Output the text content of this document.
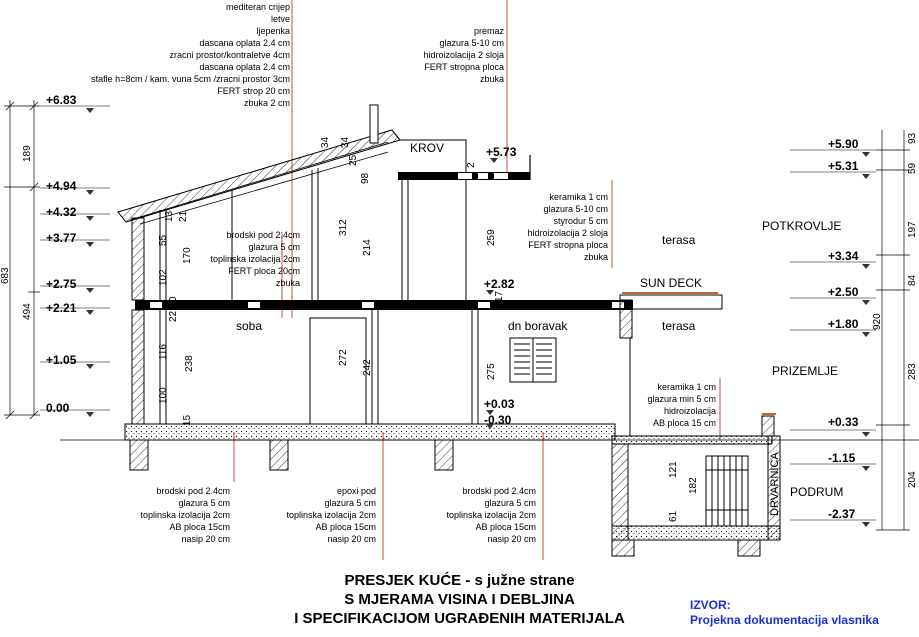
+6.83
+4.94
+4.32
+3.77
+2.75
+2.21
+1.05
0.00
+5.90
+5.31
+3.34
+2.50
+1.80
+0.33
-1.15
-2.37
+5.73
+2.82
+0.03
-0.30
189
683
494
93
59
197
84
920
283
204
34 34
25
98
21
13
55
170
102
312
214
259
17
22
116
238
100
15
272
242	275
121
182
61
2
0
KROV
soba	dn boravak
terasa
terasa
SUN DECK
POTKROVLJE
PRIZEMLJE
PODRUM
DRVARNICA
mediteran crijep
letve
ljepenka
dascana oplata 2.4 cm
zracni prostor/kontraletve 4cm
dascana oplata 2.4 cm
stafle h=8cm / kam. vuna 5cm /zracni prostor 3cm
FERT strop 20 cm
zbuka 2 cm
premaz
glazura 5-10 cm
hidroizolacija 2 sloja
FERT stropna ploca
zbuka
keramika 1 cm
glazura 5-10 cm
styrodur 5 cm
hidroizolacija 2 sloja
FERT stropna ploca
zbuka
brodski pod 2.4cm
glazura 5 cm
toplinska izolacija 2cm
FERT ploca 20cm
zbuka
keramika 1 cm
glazura min 5 cm
hidroizolacija
AB ploca 15 cm
brodski pod 2.4cm
glazura 5 cm
toplinska izolacija 2cm
AB ploca 15cm
nasip 20 cm
epoxi pod
glazura 5 cm
toplinska izolacija 2cm
AB ploca 15cm
nasip 20 cm
brodski pod 2.4cm
glazura 5 cm
toplinska izolacija 2cm
AB ploca 15cm
nasip 20 cm
PRESJEK KUĆE - s južne strane
S MJERAMA VISINA I DEBLJINA
I SPECIFIKACIJOM UGRAĐENIH MATERIJALA
IZVOR:
Projekna dokumentacija vlasnika
